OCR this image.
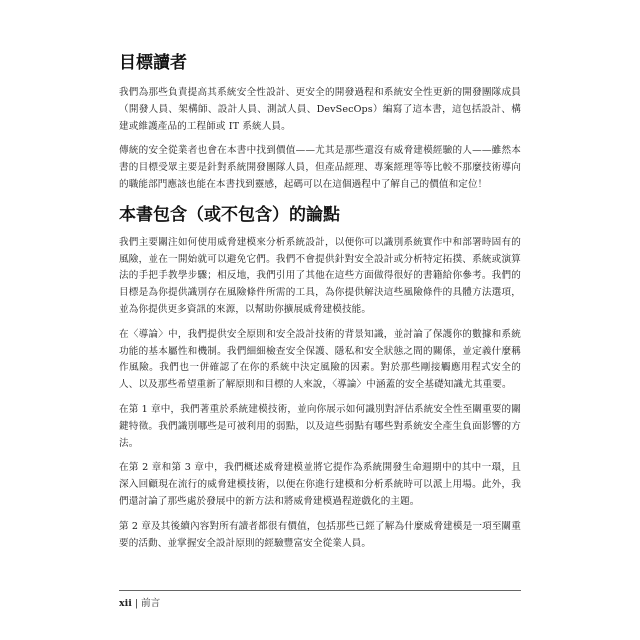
目標讀者

我們為那些負責提高其系統安全性設計、更安全的開發過程和系統安全性更新的開發團隊成員（開發人員、架構師、設計人員、測試人員、DevSecOps）編寫了這本書，這包括設計、構建或維護產品的工程師或 IT 系統人員。

傳統的安全從業者也會在本書中找到價值——尤其是那些還沒有威脅建模經驗的人——雖然本書的目標受眾主要是針對系統開發團隊人員，但產品經理、專案經理等等比較不那麼技術導向的職能部門應該也能在本書找到靈感，起碼可以在這個過程中了解自己的價值和定位！

本書包含（或不包含）的論點

我們主要關注如何使用威脅建模來分析系統設計，以便你可以識別系統實作中和部署時固有的風險，並在一開始就可以避免它們。我們不會提供針對安全設計或分析特定拓撲、系統或演算法的手把手教學步驟；相反地，我們引用了其他在這些方面做得很好的書籍給你參考。我們的目標是為你提供識別存在風險條件所需的工具，為你提供解決這些風險條件的具體方法選項，並為你提供更多資訊的來源，以幫助你擴展威脅建模技能。

在〈導論〉中，我們提供安全原則和安全設計技術的背景知識，並討論了保護你的數據和系統功能的基本屬性和機制。我們細細檢查安全保護、隱私和安全狀態之間的關係，並定義什麼稱作風險。我們也一併確認了在你的系統中決定風險的因素。對於那些剛接觸應用程式安全的人、以及那些希望重新了解原則和目標的人來說，〈導論〉中涵蓋的安全基礎知識尤其重要。

在第 1 章中，我們著重於系統建模技術，並向你展示如何識別對評估系統安全性至關重要的關鍵特徵。我們識別哪些是可被利用的弱點，以及這些弱點有哪些對系統安全產生負面影響的方法。

在第 2 章和第 3 章中，我們概述威脅建模並將它提作為系統開發生命週期中的其中一環，且深入回顧現在流行的威脅建模技術，以便在你進行建模和分析系統時可以派上用場。此外，我們還討論了那些處於發展中的新方法和將威脅建模過程遊戲化的主題。

第 2 章及其後續內容對所有讀者都很有價值，包括那些已經了解為什麼威脅建模是一項至關重要的活動、並掌握安全設計原則的經驗豐富安全從業人員。

xii | 前言
